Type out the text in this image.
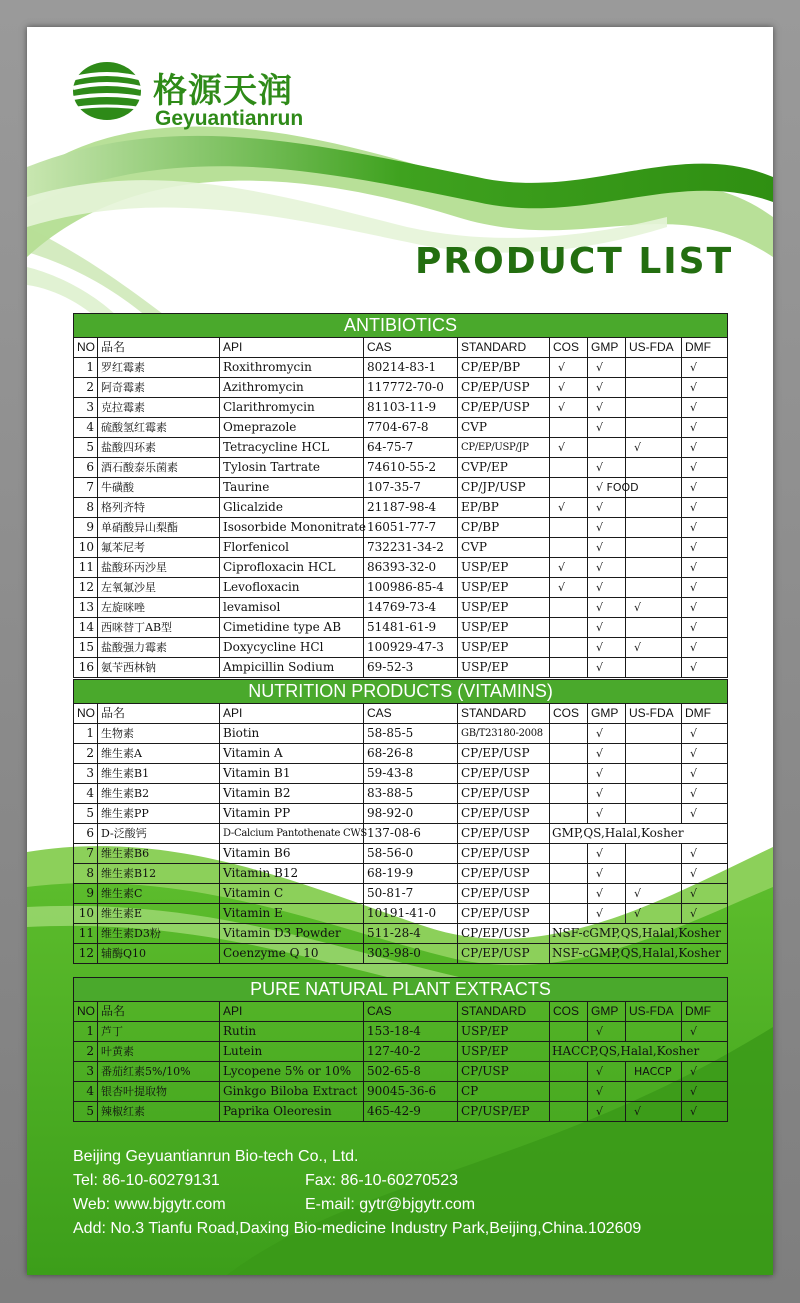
格源天润
Geyuantianrun
PRODUCT LIST
ANTIBIOTICS								
NO	品名	API	CAS	STANDARD	COS	GMP	US-FDA	DMF
1	罗红霉素	Roxithromycin	80214-83-1	CP/EP/BP	√	√		√
2	阿奇霉素	Azithromycin	117772-70-0	CP/EP/USP	√	√		√
3	克拉霉素	Clarithromycin	81103-11-9	CP/EP/USP	√	√		√
4	硫酸氢红霉素	Omeprazole	7704-67-8	CVP		√		√
5	盐酸四环素	Tetracycline HCL	64-75-7	CP/EP/USP/JP	√		√	√
6	酒石酸泰乐菌素	Tylosin Tartrate	74610-55-2	CVP/EP		√		√
7	牛磺酸	Taurine	107-35-7	CP/JP/USP		√ FOOD		√
8	格列齐特	Glicalzide	21187-98-4	EP/BP	√	√		√
9	单硝酸异山梨酯	Isosorbide Mononitrate	16051-77-7	CP/BP		√		√
10	氟苯尼考	Florfenicol	732231-34-2	CVP		√		√
11	盐酸环丙沙星	Ciprofloxacin HCL	86393-32-0	USP/EP	√	√		√
12	左氧氟沙星	Levofloxacin	100986-85-4	USP/EP	√	√		√
13	左旋咪唑	levamisol	14769-73-4	USP/EP		√	√	√
14	西咪替丁AB型	Cimetidine type AB	51481-61-9	USP/EP		√		√
15	盐酸强力霉素	Doxycycline HCl	100929-47-3	USP/EP		√	√	√
16	氨苄西林钠	Ampicillin Sodium	69-52-3	USP/EP		√		√
NUTRITION PRODUCTS (VITAMINS)								
NO	品名	API	CAS	STANDARD	COS	GMP	US-FDA	DMF
1	生物素	Biotin	58-85-5	GB/T23180-2008		√		√
2	维生素A	Vitamin A	68-26-8	CP/EP/USP		√		√
3	维生素B1	Vitamin B1	59-43-8	CP/EP/USP		√		√
4	维生素B2	Vitamin B2	83-88-5	CP/EP/USP		√		√
5	维生素PP	Vitamin PP	98-92-0	CP/EP/USP		√		√
6	D-泛酸钙	D-Calcium Pantothenate CWS	137-08-6	CP/EP/USP	GMP,QS,Halal,Kosher			
7	维生素B6	Vitamin B6	58-56-0	CP/EP/USP		√		√
8	维生素B12	Vitamin B12	68-19-9	CP/EP/USP		√		√
9	维生素C	Vitamin C	50-81-7	CP/EP/USP		√	√	√
10	维生素E	Vitamin E	10191-41-0	CP/EP/USP		√	√	√
11	维生素D3粉	Vitamin D3 Powder	511-28-4	CP/EP/USP	NSF-cGMP,QS,Halal,Kosher			
12	辅酶Q10	Coenzyme Q 10	303-98-0	CP/EP/USP	NSF-cGMP,QS,Halal,Kosher			
PURE NATURAL PLANT EXTRACTS								
NO	品名	API	CAS	STANDARD	COS	GMP	US-FDA	DMF
1	芦丁	Rutin	153-18-4	USP/EP		√		√
2	叶黄素	Lutein	127-40-2	USP/EP	HACCP,QS,Halal,Kosher			
3	番茄红素5%/10%	Lycopene 5% or 10%	502-65-8	CP/USP		√	HACCP	√
4	银杏叶提取物	Ginkgo Biloba Extract	90045-36-6	CP		√		√
5	辣椒红素	Paprika Oleoresin	465-42-9	CP/USP/EP		√	√	√
Beijing Geyuantianrun Bio-tech Co., Ltd.
Tel: 86-10-60279131	Fax: 86-10-60270523
Web: www.bjgytr.com	E-mail: gytr@bjgytr.com
Add: No.3 Tianfu Road,Daxing Bio-medicine Industry Park,Beijing,China.102609
